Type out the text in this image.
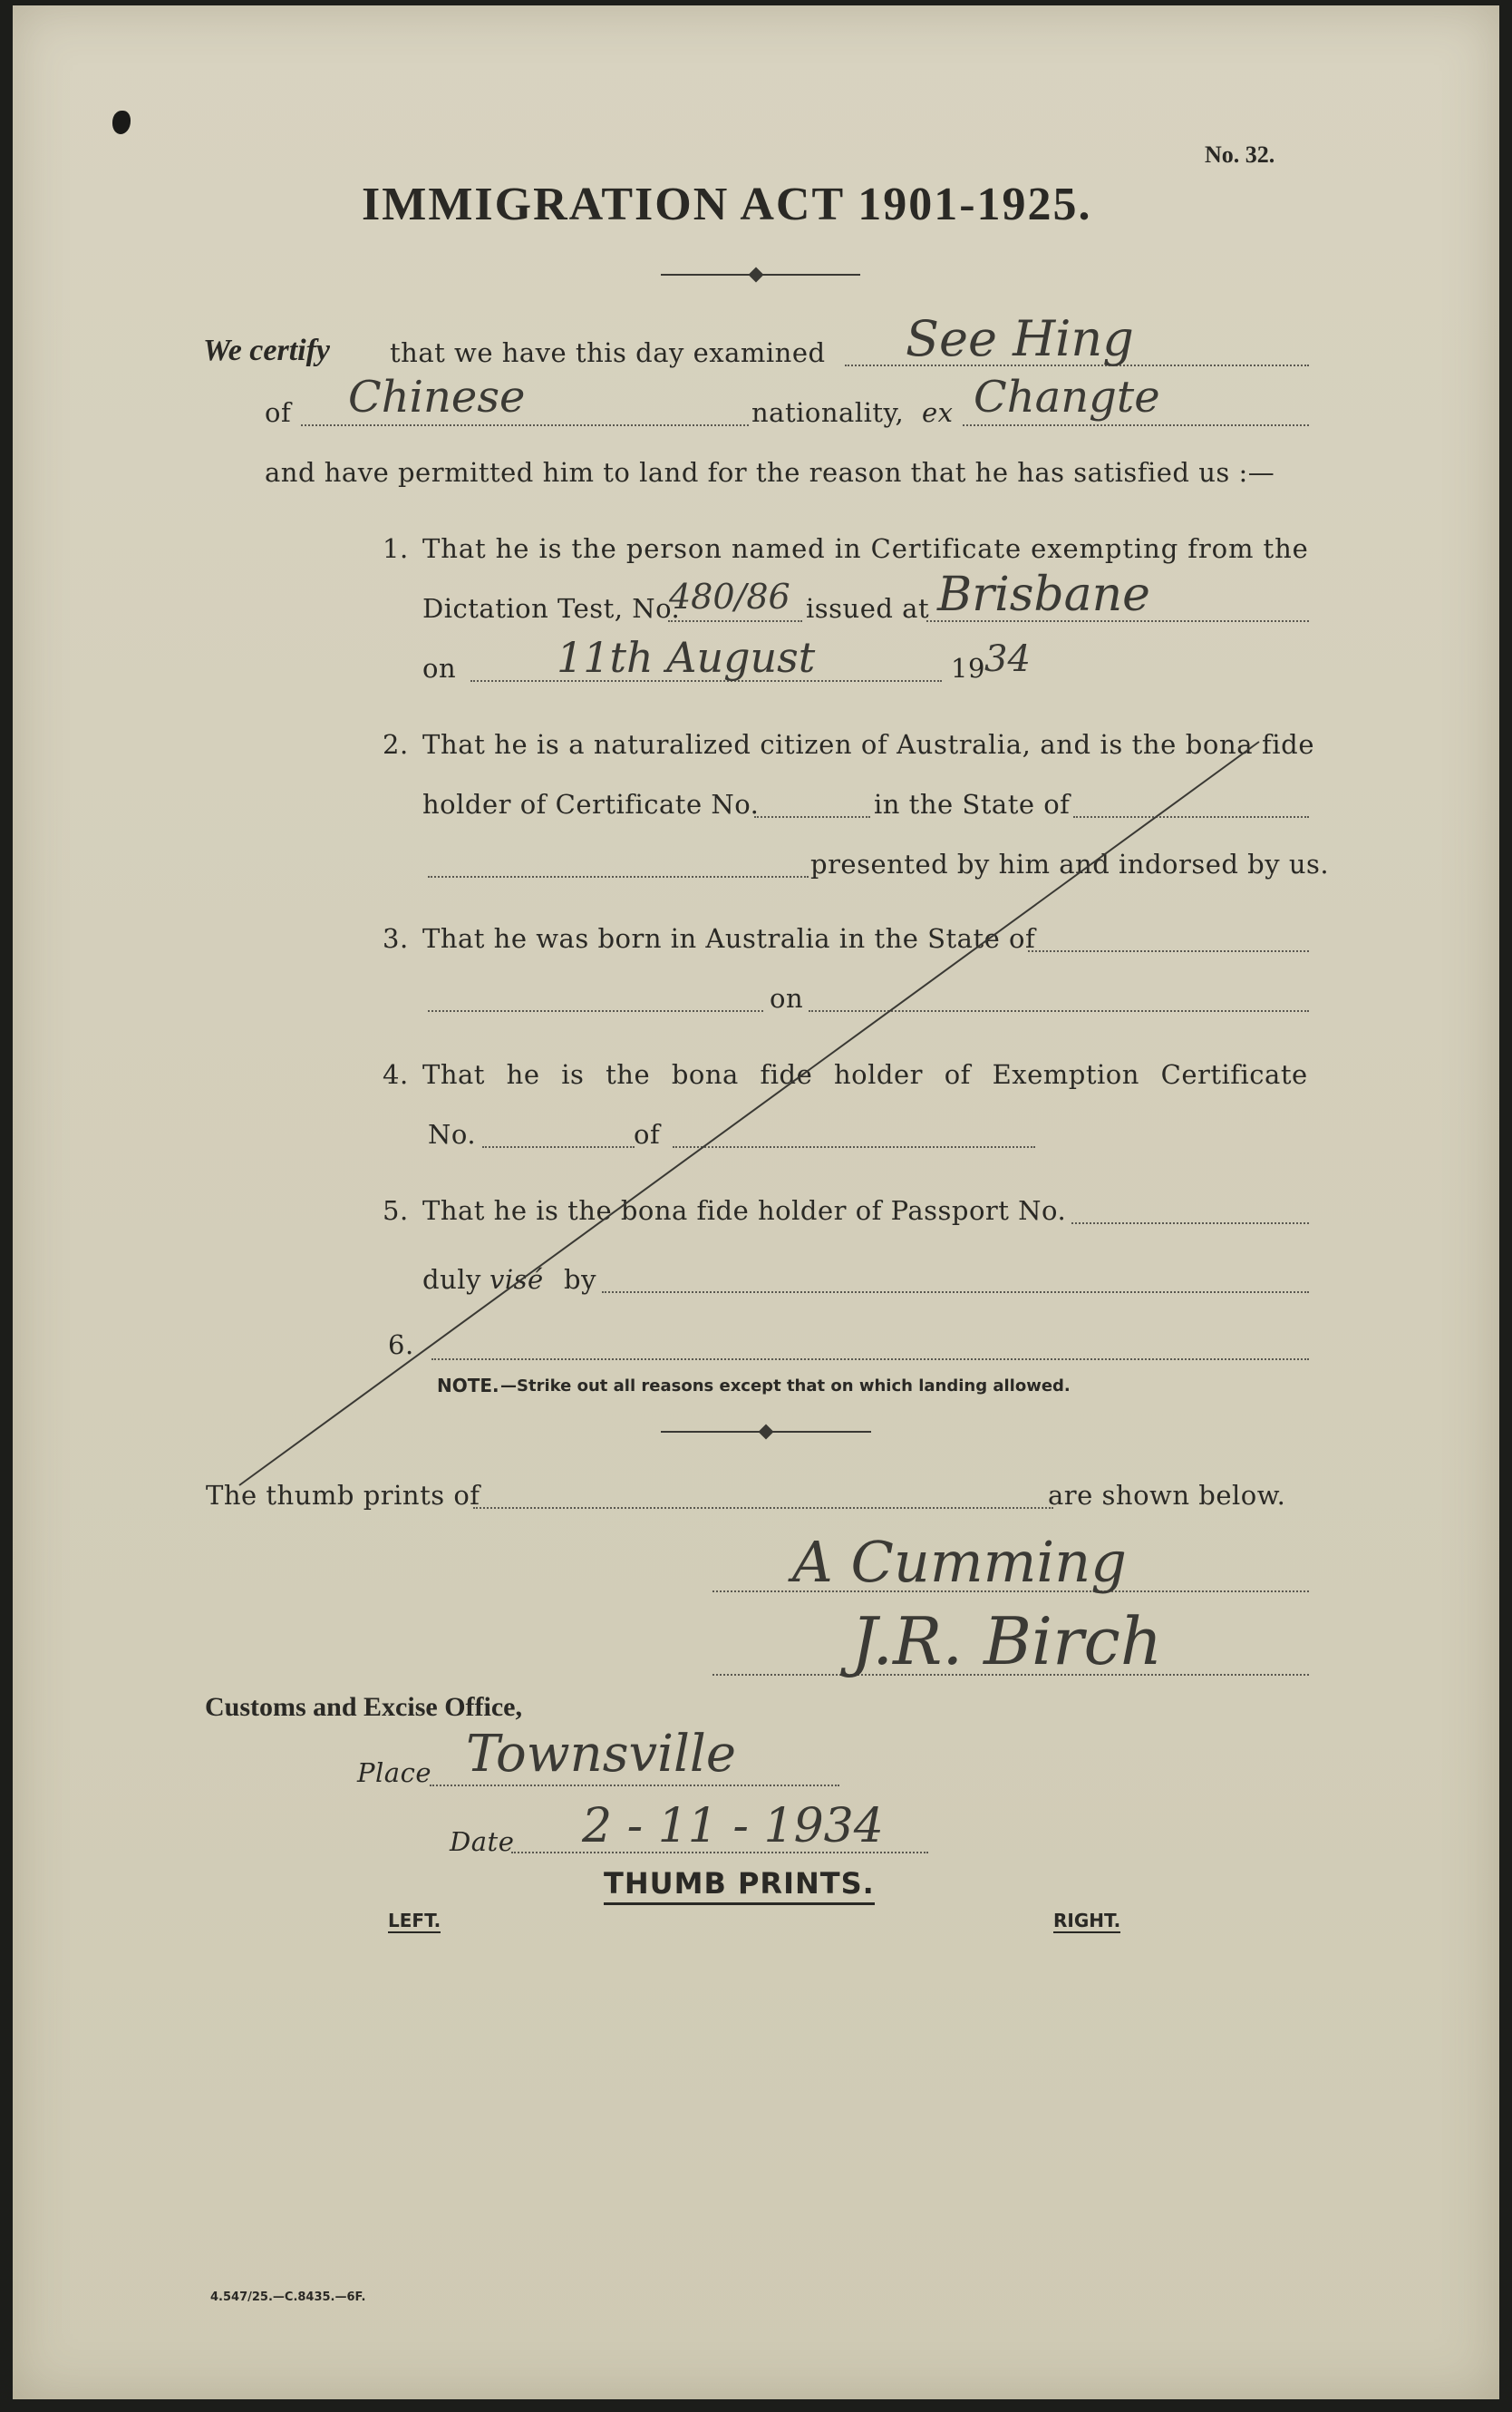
No. 32.
IMMIGRATION ACT 1901-1925.
We certify that we have this day examined See Hing
of Chinese	nationality, ex Changte
and have permitted him to land for the reason that he has satisfied us :—
1. That he is the person named in Certificate exempting from the
Dictation Test, No.
480/86 issued at Brisbane
on 11th August	19 34
2. That he is a naturalized citizen of Australia, and is the bona fide
holder of Certificate No.	in the State of
presented by him and indorsed by us.
3. That he was born in Australia in the State of
on
4. That he is the bona fide holder of Exemption Certificate
No.	of
5. That he is the bona fide holder of Passport No.
duly visé by
6.
NOTE. —Strike out all reasons except that on which landing allowed.
The thumb prints of	are shown below.
A Cumming
J.R. Birch
Customs and Excise Office,
Place Townsville
Date 2 - 11 - 1934
THUMB PRINTS.
LEFT.	RIGHT.
4.547/25.—C.8435.—6F.
